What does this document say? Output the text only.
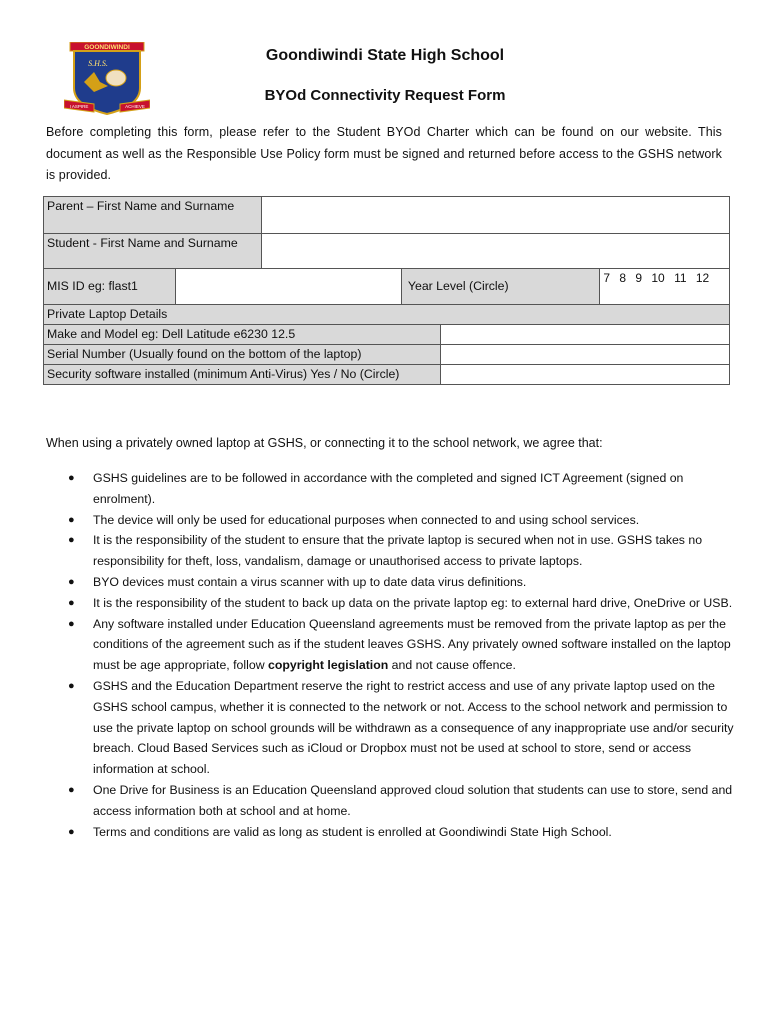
GOONDIWINDI
S.H.S.
I ASPIRE	ACHIEVE
Goondiwindi State High School
BYOd Connectivity Request Form
Before completing this form, please refer to the Student BYOd Charter which can be found on our website. This document as well as the Responsible Use Policy form must be signed and returned before access to the GSHS network is provided.
Parent – First Name and Surname					
Student - First Name and Surname					
MIS ID eg: flast1			Year Level (Circle)		7 8 9 10 11 12
Private Laptop Details					
Make and Model eg: Dell Latitude e6230 12.5					
Serial Number (Usually found on the bottom of the laptop)					
Security software installed (minimum Anti-Virus) Yes / No (Circle)					
When using a privately owned laptop at GSHS, or connecting it to the school network, we agree that:
● GSHS guidelines are to be followed in accordance with the completed and signed ICT Agreement (signed on enrolment).
● The device will only be used for educational purposes when connected to and using school services.
● It is the responsibility of the student to ensure that the private laptop is secured when not in use. GSHS takes no responsibility for theft, loss, vandalism, damage or unauthorised access to private laptops.
● BYO devices must contain a virus scanner with up to date data virus definitions.
● It is the responsibility of the student to back up data on the private laptop eg: to external hard drive, OneDrive or USB.
● Any software installed under Education Queensland agreements must be removed from the private laptop as per the conditions of the agreement such as if the student leaves GSHS. Any privately owned software installed on the laptop must be age appropriate, follow copyright legislation and not cause offence.
● GSHS and the Education Department reserve the right to restrict access and use of any private laptop used on the GSHS school campus, whether it is connected to the network or not. Access to the school network and permission to use the private laptop on school grounds will be withdrawn as a consequence of any inappropriate use and/or security breach. Cloud Based Services such as iCloud or Dropbox must not be used at school to store, send or access information at school.
● One Drive for Business is an Education Queensland approved cloud solution that students can use to store, send and access information both at school and at home.
● Terms and conditions are valid as long as student is enrolled at Goondiwindi State High School.
